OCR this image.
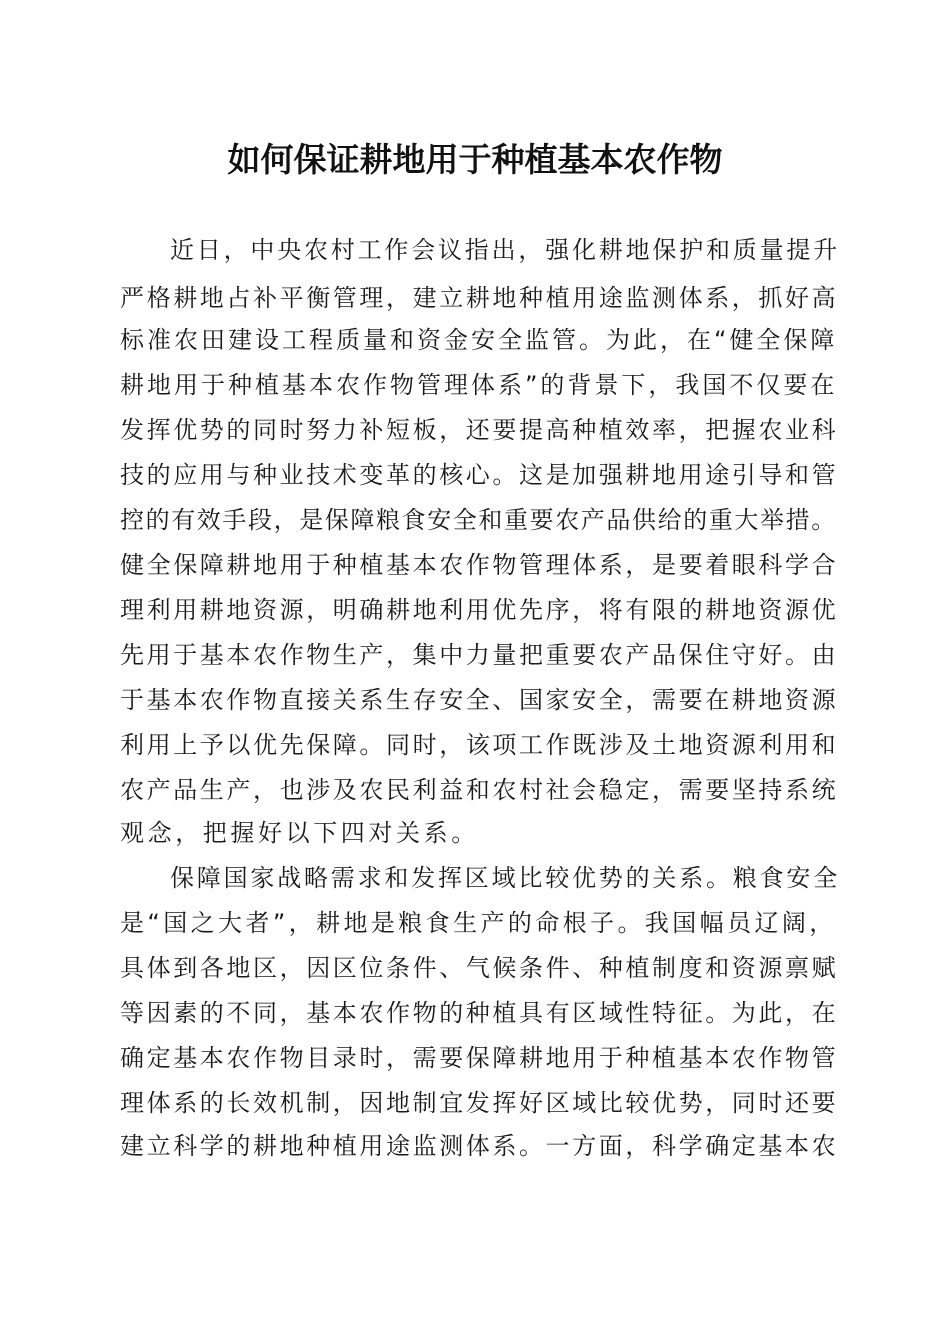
如何保证耕地用于种植基本农作物
近日，中央农村工作会议指出，强化耕地保护和质量提升
严格耕地占补平衡管理，建立耕地种植用途监测体系，抓好高
标准农田建设工程质量和资金安全监管。为此，在“健全保障
耕地用于种植基本农作物管理体系”的背景下，我国不仅要在
发挥优势的同时努力补短板，还要提高种植效率，把握农业科
技的应用与种业技术变革的核心。这是加强耕地用途引导和管
控的有效手段，是保障粮食安全和重要农产品供给的重大举措。
健全保障耕地用于种植基本农作物管理体系，是要着眼科学合
理利用耕地资源，明确耕地利用优先序，将有限的耕地资源优
先用于基本农作物生产，集中力量把重要农产品保住守好。由
于基本农作物直接关系生存安全、国家安全，需要在耕地资源
利用上予以优先保障。同时，该项工作既涉及土地资源利用和
农产品生产，也涉及农民利益和农村社会稳定，需要坚持系统
观念，把握好以下四对关系。
保障国家战略需求和发挥区域比较优势的关系。粮食安全
是“国之大者”，耕地是粮食生产的命根子。我国幅员辽阔，
具体到各地区，因区位条件、气候条件、种植制度和资源禀赋
等因素的不同，基本农作物的种植具有区域性特征。为此，在
确定基本农作物目录时，需要保障耕地用于种植基本农作物管
理体系的长效机制，因地制宜发挥好区域比较优势，同时还要
建立科学的耕地种植用途监测体系。一方面，科学确定基本农
